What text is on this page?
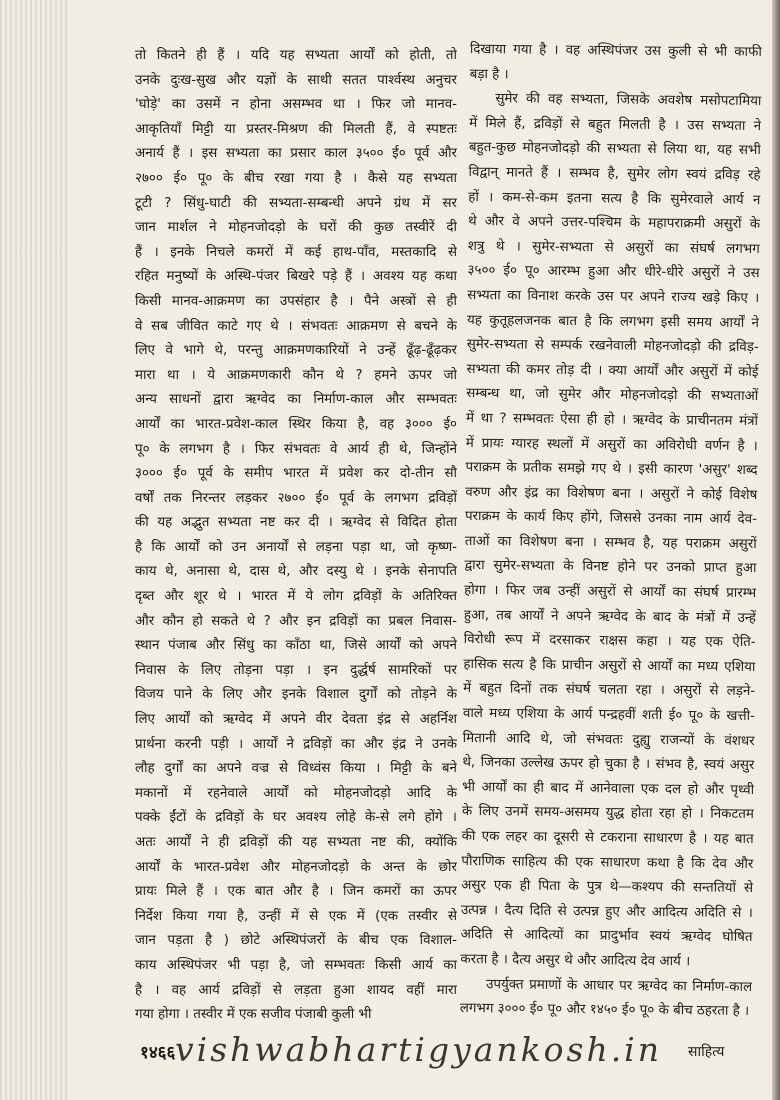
तो कितने ही हैं । यदि यह सभ्यता आर्यों को होती, तो
उनके दुःख-सुख और यज्ञों के साथी सतत पार्श्वस्थ अनुचर
'घोड़े' का उसमें न होना असम्भव था । फिर जो मानव-
आकृतियाँ मिट्टी या प्रस्तर-मिश्रण की मिलती हैं, वे स्पष्टतः
अनार्य हैं । इस सभ्यता का प्रसार काल ३५०० ई० पूर्व और
२७०० ई० पू० के बीच रखा गया है । कैसे यह सभ्यता
टूटी ? सिंधु-घाटी की सभ्यता-सम्बन्धी अपने ग्रंथ में सर
जान मार्शल ने मोहनजोदड़ो के घरों की कुछ तस्वीरें दी
हैं । इनके निचले कमरों में कई हाथ-पाँव, मस्तकादि से
रहित मनुष्यों के अस्थि-पंजर बिखरे पड़े हैं । अवश्य यह कथा
किसी मानव-आक्रमण का उपसंहार है । पैने अस्त्रों से ही
वे सब जीवित काटे गए थे । संभवतः आक्रमण से बचने के
लिए वे भागे थे, परन्तु आक्रमणकारियों ने उन्हें ढूँढ़-ढूँढ़कर
मारा था । ये आक्रमणकारी कौन थे ? हमने ऊपर जो
अन्य साधनों द्वारा ऋग्वेद का निर्माण-काल और सम्भवतः
आर्यों का भारत-प्रवेश-काल स्थिर किया है, वह ३००० ई०
पू० के लगभग है । फिर संभवतः वे आर्य ही थे, जिन्होंने
३००० ई० पूर्व के समीप भारत में प्रवेश कर दो-तीन सौ
वर्षों तक निरन्तर लड़कर २७०० ई० पूर्व के लगभग द्रविड़ों
की यह अद्भुत सभ्यता नष्ट कर दी । ऋग्वेद से विदित होता
है कि आर्यों को उन अनार्यों से लड़ना पड़ा था, जो कृष्ण-
काय थे, अनासा थे, दास थे, और दस्यु थे । इनके सेनापति
दृब्त और शूर थे । भारत में ये लोग द्रविड़ों के अतिरिक्त
और कौन हो सकते थे ? और इन द्रविड़ों का प्रबल निवास-
स्थान पंजाब और सिंधु का काँठा था, जिसे आर्यों को अपने
निवास के लिए तोड़ना पड़ा । इन दुर्द्धर्ष सामरिकों पर
विजय पाने के लिए और इनके विशाल दुर्गों को तोड़ने के
लिए आर्यों को ऋग्वेद में अपने वीर देवता इंद्र से अहर्निश
प्रार्थना करनी पड़ी । आर्यों ने द्रविड़ों का और इंद्र ने उनके
लौह दुर्गों का अपने वज्र से विध्वंस किया । मिट्टी के बने
मकानों में रहनेवाले आर्यों को मोहनजोदड़ो आदि के
पक्के ईंटों के द्रविड़ों के घर अवश्य लोहे के-से लगे होंगे ।
अतः आर्यों ने ही द्रविड़ों की यह सभ्यता नष्ट की, क्योंकि
आर्यों के भारत-प्रवेश और मोहनजोदड़ो के अन्त के छोर
प्रायः मिले हैं । एक बात और है । जिन कमरों का ऊपर
निर्देश किया गया है, उन्हीं में से एक में (एक तस्वीर से
जान पड़ता है ) छोटे अस्थिपंजरों के बीच एक विशाल-
काय अस्थिपंजर भी पड़ा है, जो सम्भवतः किसी आर्य का
है । वह आर्य द्रविड़ों से लड़ता हुआ शायद वहीं मारा
गया होगा । तस्वीर में एक सजीव पंजाबी कुली भी
दिखाया गया है । वह अस्थिपंजर उस कुली से भी काफी
बड़ा है ।
सुमेर की वह सभ्यता, जिसके अवशेष मसोपटामिया
में मिले हैं, द्रविड़ों से बहुत मिलती है । उस सभ्यता ने
बहुत-कुछ मोहनजोदड़ो की सभ्यता से लिया था, यह सभी
विद्वान् मानते हैं । सम्भव है, सुमेर लोग स्वयं द्रविड़ रहे
हों । कम-से-कम इतना सत्य है कि सुमेरवाले आर्य न
थे और वे अपने उत्तर-पश्चिम के महापराक्रमी असुरों के
शत्रु थे । सुमेर-सभ्यता से असुरों का संघर्ष लगभग
३५०० ई० पू० आरम्भ हुआ और धीरे-धीरे असुरों ने उस
सभ्यता का विनाश करके उस पर अपने राज्य खड़े किए ।
यह कुतूहलजनक बात है कि लगभग इसी समय आर्यों ने
सुमेर-सभ्यता से सम्पर्क रखनेवाली मोहनजोदड़ो की द्रविड़-
सभ्यता की कमर तोड़ दी । क्या आर्यों और असुरों में कोई
सम्बन्ध था, जो सुमेर और मोहनजोदड़ो की सभ्यताओं
में था ? सम्भवतः ऐसा ही हो । ऋग्वेद के प्राचीनतम मंत्रों
में प्रायः ग्यारह स्थलों में असुरों का अविरोधी वर्णन है ।
पराक्रम के प्रतीक समझे गए थे । इसी कारण 'असुर' शब्द
वरुण और इंद्र का विशेषण बना । असुरों ने कोई विशेष
पराक्रम के कार्य किए होंगे, जिससे उनका नाम आर्य देव-
ताओं का विशेषण बना । सम्भव है, यह पराक्रम असुरों
द्वारा सुमेर-सभ्यता के विनष्ट होने पर उनको प्राप्त हुआ
होगा । फिर जब उन्हीं असुरों से आर्यों का संघर्ष प्रारम्भ
हुआ, तब आर्यों ने अपने ऋग्वेद के बाद के मंत्रों में उन्हें
विरोधी रूप में दरसाकर राक्षस कहा । यह एक ऐति-
हासिक सत्य है कि प्राचीन असुरों से आर्यों का मध्य एशिया
में बहुत दिनों तक संघर्ष चलता रहा । असुरों से लड़ने-
वाले मध्य एशिया के आर्य पन्द्रहवीं शती ई० पू० के खत्ती-
मितानी आदि थे, जो संभवतः दुह्यु राजन्यों के वंशधर
थे, जिनका उल्लेख ऊपर हो चुका है । संभव है, स्वयं असुर
भी आर्यों का ही बाद में आनेवाला एक दल हो और पृथ्वी
के लिए उनमें समय-असमय युद्ध होता रहा हो । निकटतम
की एक लहर का दूसरी से टकराना साधारण है । यह बात
पौराणिक साहित्य की एक साधारण कथा है कि देव और
असुर एक ही पिता के पुत्र थे—कश्यप की सन्ततियों से
उत्पन्न । दैत्य दिति से उत्पन्न हुए और आदित्य अदिति से ।
अदिति से आदित्यों का प्रादुर्भाव स्वयं ऋग्वेद घोषित
करता है । दैत्य असुर थे और आदित्य देव आर्य ।
उपर्युक्त प्रमाणों के आधार पर ऋग्वेद का निर्माण-काल
लगभग ३००० ई० पू० और १४५० ई० पू० के बीच ठहरता है ।
१४६६ vishwabhartigyankosh.in साहित्य
